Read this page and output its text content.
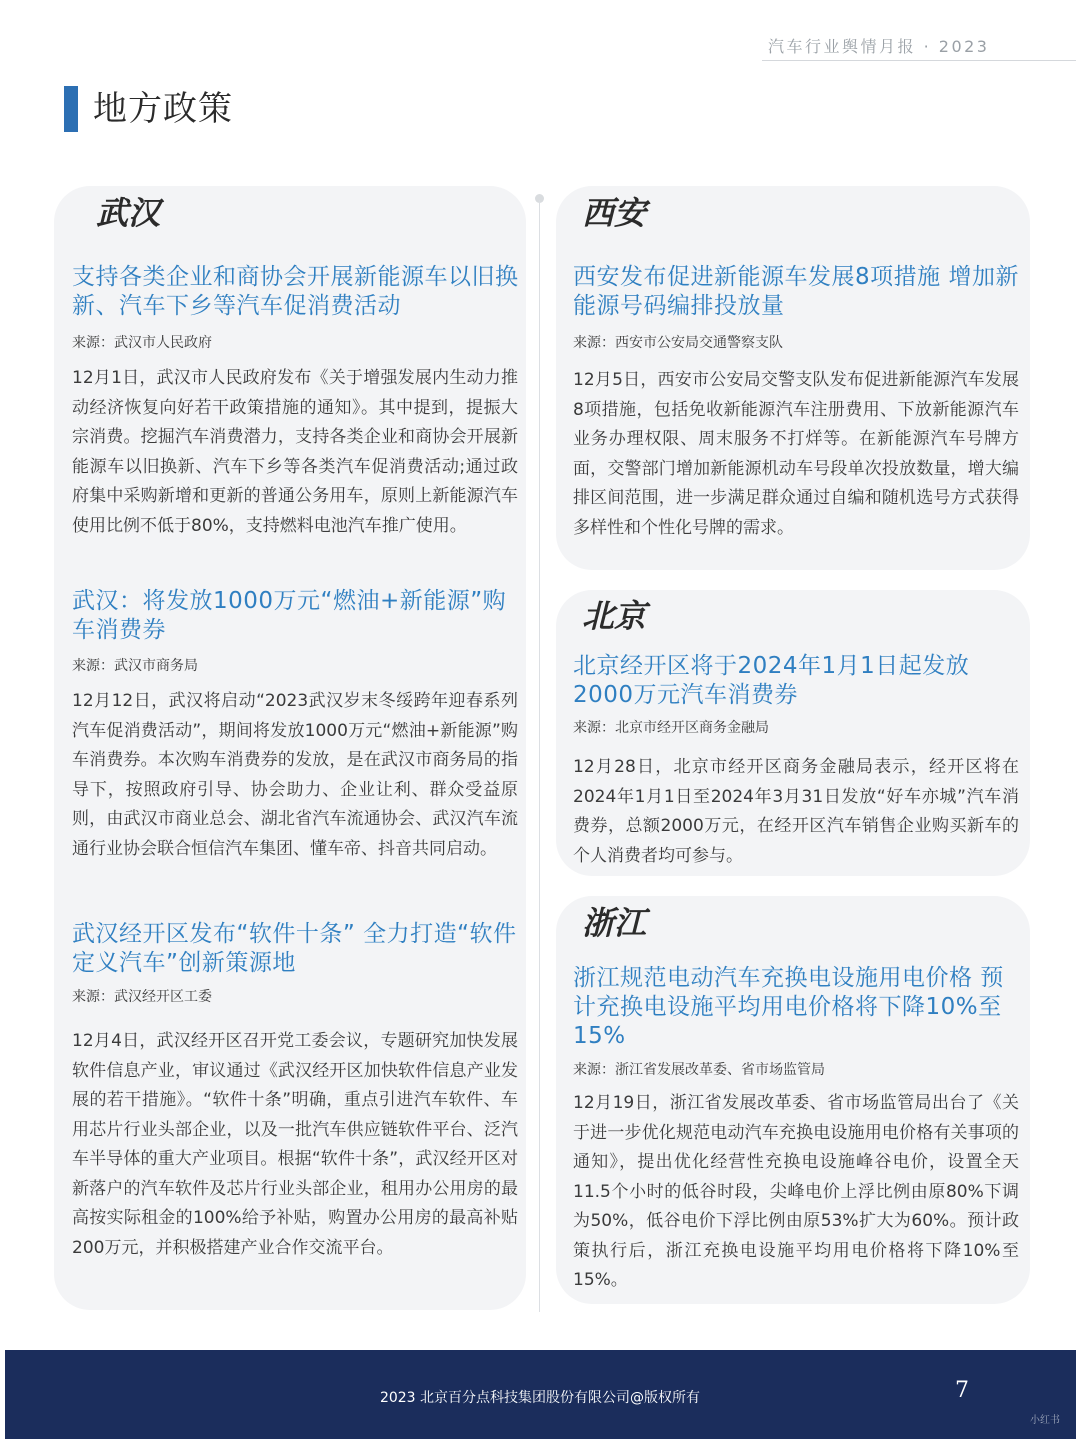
汽车行业舆情月报 · 2023
地方政策
武汉
支持各类企业和商协会开展新能源车以旧换新、汽车下乡等汽车促消费活动
来源：武汉市人民政府
12月1日，武汉市人民政府发布《关于增强发展内生动力推动经济恢复向好若干政策措施的通知》。其中提到，提振大宗消费。挖掘汽车消费潜力，支持各类企业和商协会开展新能源车以旧换新、汽车下乡等各类汽车促消费活动;通过政府集中采购新增和更新的普通公务用车，原则上新能源汽车使用比例不低于80%，支持燃料电池汽车推广使用。
武汉：将发放1000万元“燃油+新能源”购车消费券
来源：武汉市商务局
12月12日，武汉将启动“2023武汉岁末冬绥跨年迎春系列汽车促消费活动”，期间将发放1000万元“燃油+新能源”购车消费券。本次购车消费券的发放，是在武汉市商务局的指导下，按照政府引导、协会助力、企业让利、群众受益原则，由武汉市商业总会、湖北省汽车流通协会、武汉汽车流通行业协会联合恒信汽车集团、懂车帝、抖音共同启动。
武汉经开区发布“软件十条” 全力打造“软件定义汽车”创新策源地
来源：武汉经开区工委
12月4日，武汉经开区召开党工委会议，专题研究加快发展软件信息产业，审议通过《武汉经开区加快软件信息产业发展的若干措施》。“软件十条”明确，重点引进汽车软件、车用芯片行业头部企业，以及一批汽车供应链软件平台、泛汽车半导体的重大产业项目。根据“软件十条”，武汉经开区对新落户的汽车软件及芯片行业头部企业，租用办公用房的最高按实际租金的100%给予补贴，购置办公用房的最高补贴200万元，并积极搭建产业合作交流平台。
西安
西安发布促进新能源车发展8项措施 增加新能源号码编排投放量
来源：西安市公安局交通警察支队
12月5日，西安市公安局交警支队发布促进新能源汽车发展8项措施，包括免收新能源汽车注册费用、下放新能源汽车业务办理权限、周末服务不打烊等。在新能源汽车号牌方面，交警部门增加新能源机动车号段单次投放数量，增大编排区间范围，进一步满足群众通过自编和随机选号方式获得多样性和个性化号牌的需求。
北京
北京经开区将于2024年1月1日起发放2000万元汽车消费券
来源：北京市经开区商务金融局
12月28日，北京市经开区商务金融局表示，经开区将在2024年1月1日至2024年3月31日发放“好车亦城”汽车消费券，总额2000万元，在经开区汽车销售企业购买新车的个人消费者均可参与。
浙江
浙江规范电动汽车充换电设施用电价格 预计充换电设施平均用电价格将下降10%至15%
来源：浙江省发展改革委、省市场监管局
12月19日，浙江省发展改革委、省市场监管局出台了《关于进一步优化规范电动汽车充换电设施用电价格有关事项的通知》，提出优化经营性充换电设施峰谷电价，设置全天11.5个小时的低谷时段，尖峰电价上浮比例由原80%下调为50%，低谷电价下浮比例由原53%扩大为60%。预计政策执行后，浙江充换电设施平均用电价格将下降10%至15%。
2023 北京百分点科技集团股份有限公司@版权所有	7
小红书
